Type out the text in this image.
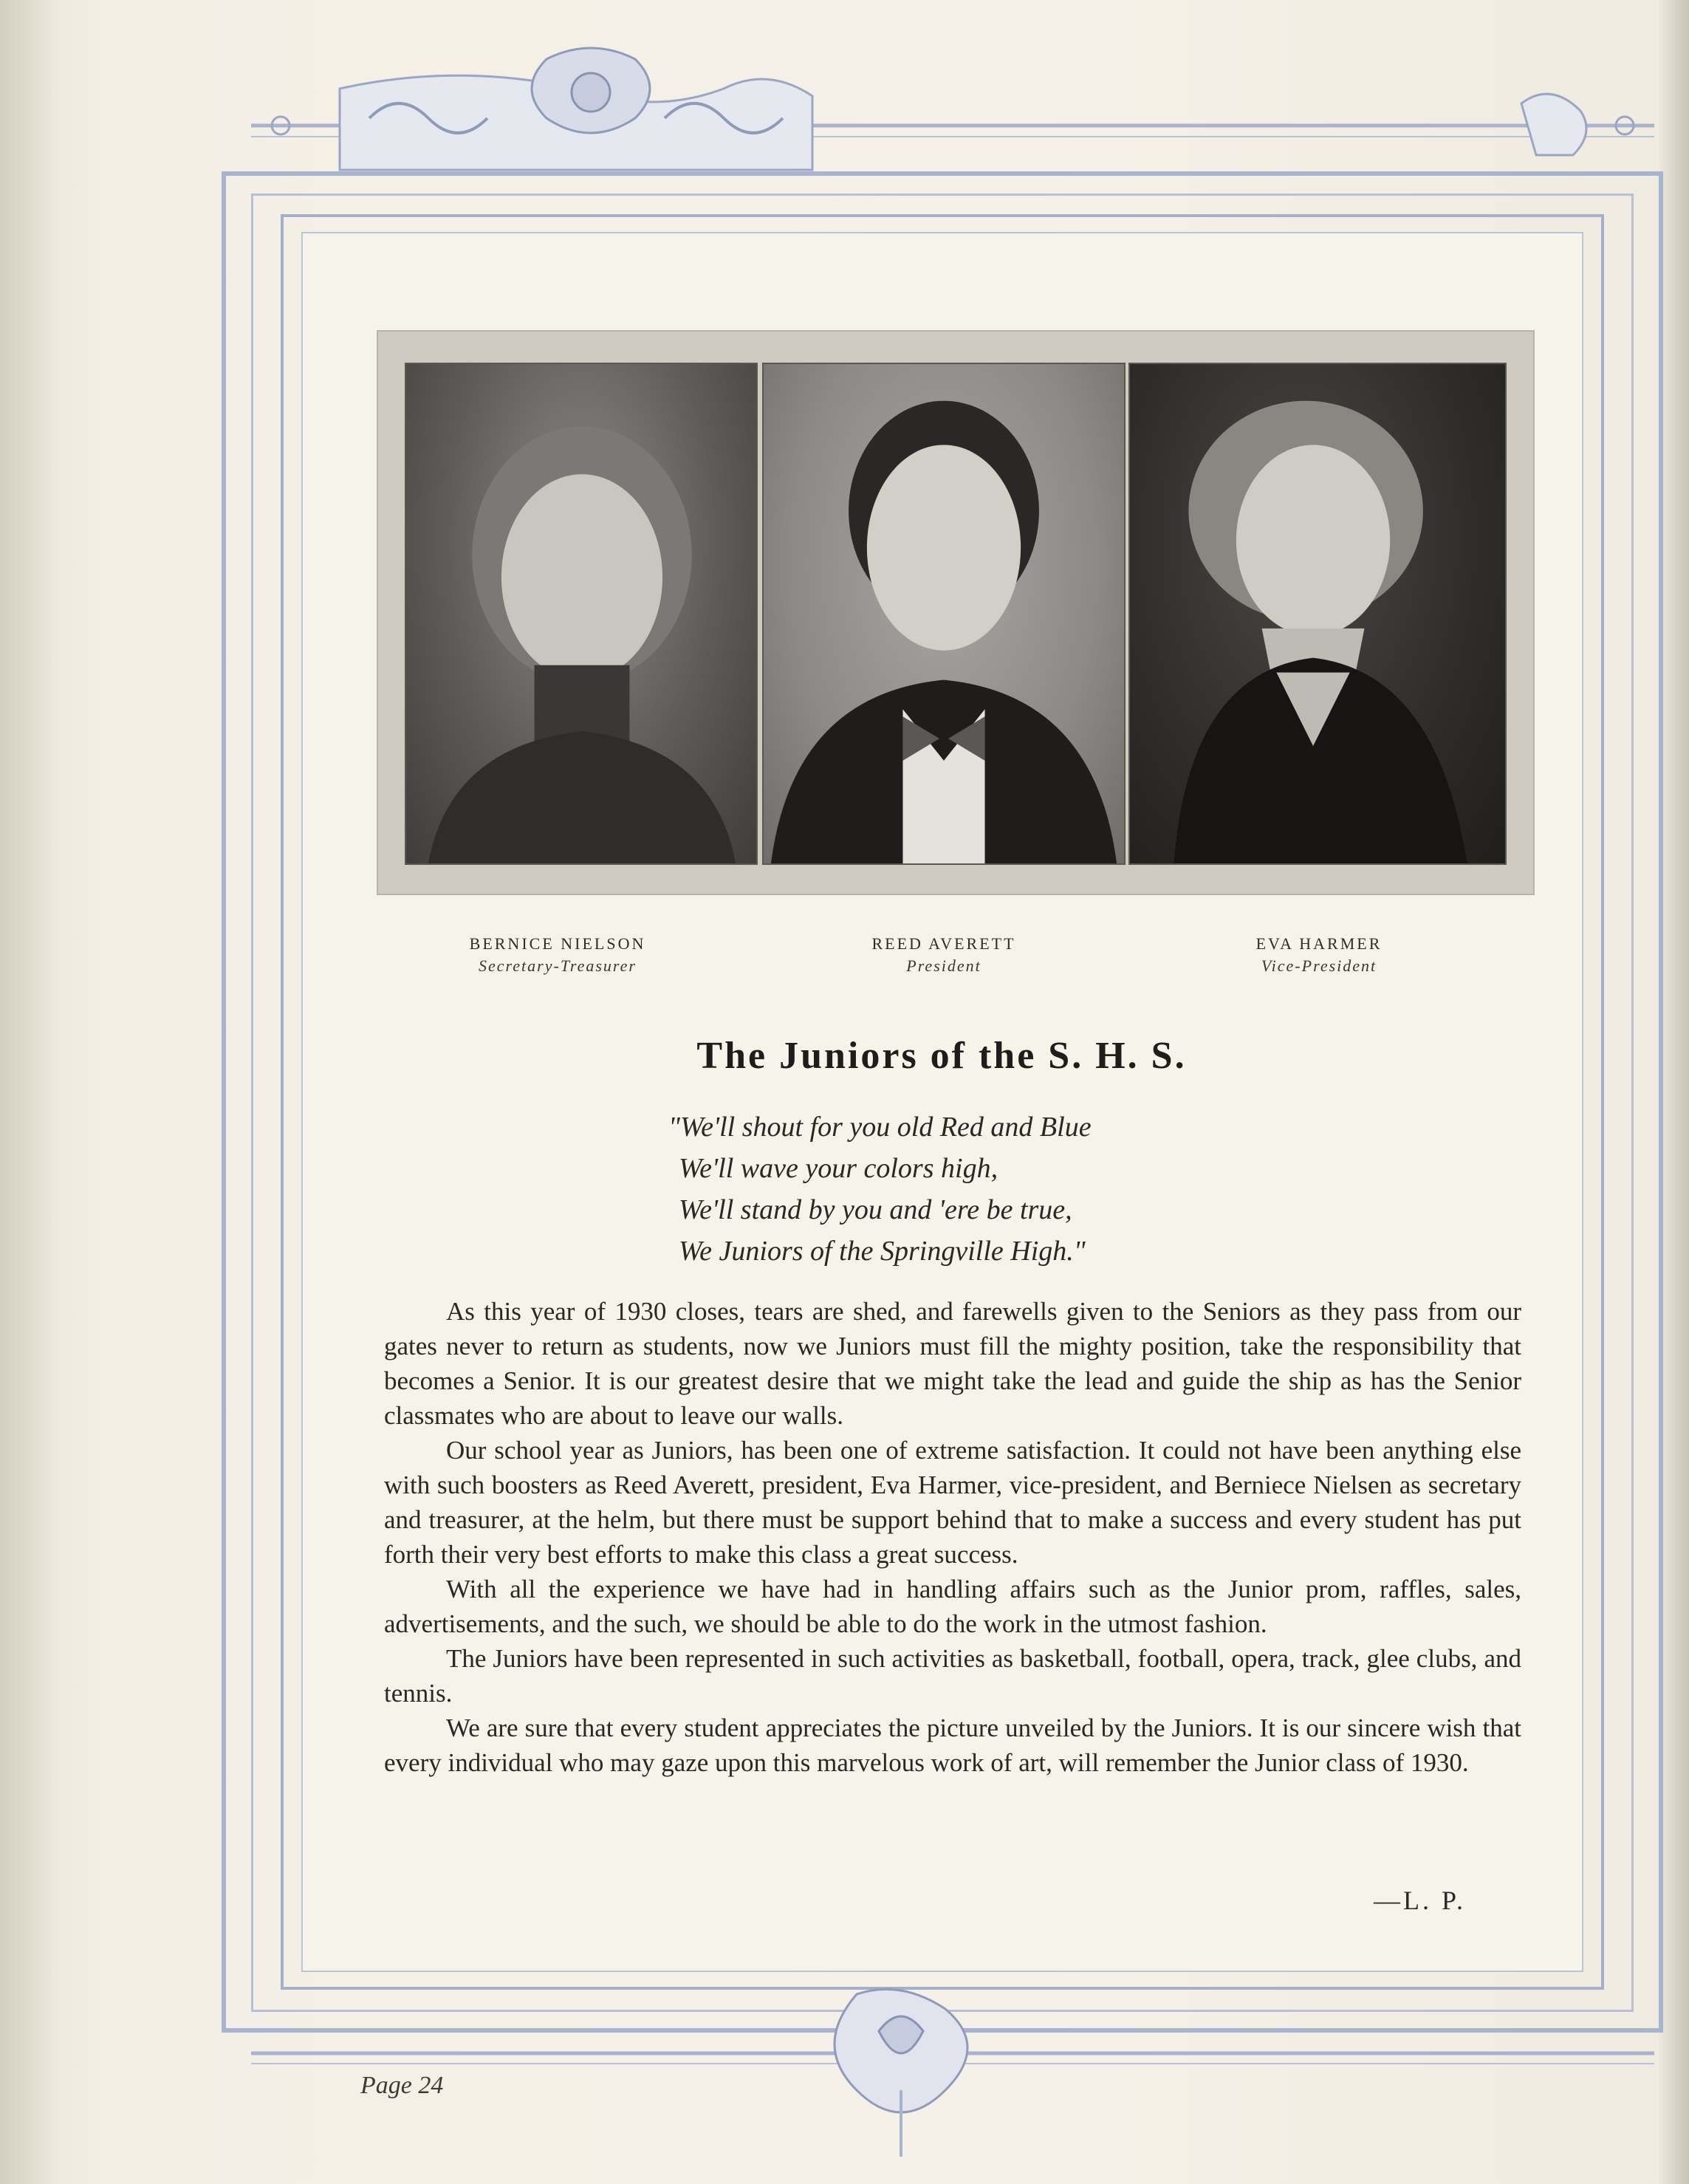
BERNICE NIELSON
Secretary-Treasurer
REED AVERETT
President
EVA HARMER
Vice-President
The Juniors of the S. H. S.
"We'll shout for you old Red and Blue
We'll wave your colors high,
We'll stand by you and 'ere be true,
We Juniors of the Springville High."

As this year of 1930 closes, tears are shed, and farewells given to the Seniors as they pass from our gates never to return as students, now we Juniors must fill the mighty position, take the responsibility that becomes a Senior. It is our greatest desire that we might take the lead and guide the ship as has the Senior classmates who are about to leave our walls.

Our school year as Juniors, has been one of extreme satisfaction. It could not have been anything else with such boosters as Reed Averett, president, Eva Harmer, vice-president, and Berniece Nielsen as secretary and treasurer, at the helm, but there must be support behind that to make a success and every student has put forth their very best efforts to make this class a great success.

With all the experience we have had in handling affairs such as the Junior prom, raffles, sales, advertisements, and the such, we should be able to do the work in the utmost fashion.

The Juniors have been represented in such activities as basketball, football, opera, track, glee clubs, and tennis.

We are sure that every student appreciates the picture unveiled by the Juniors. It is our sincere wish that every individual who may gaze upon this marvelous work of art, will remember the Junior class of 1930.

—L. P.
Page 24
